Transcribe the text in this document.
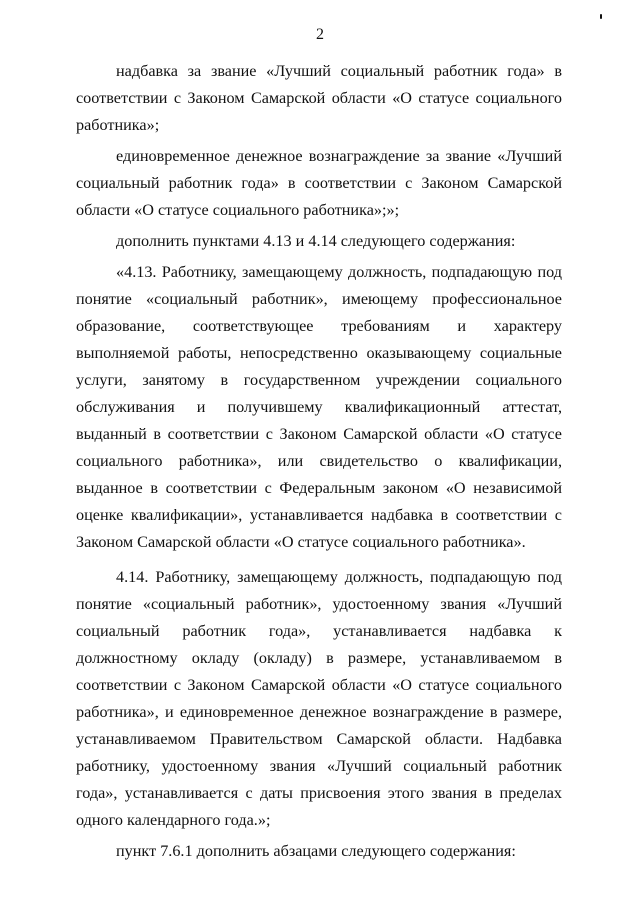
2

надбавка за звание «Лучший социальный работник года» в соответствии с Законом Самарской области «О статусе социального работника»;

единовременное денежное вознаграждение за звание «Лучший социальный работник года» в соответствии с Законом Самарской области «О статусе социального работника»;»;

дополнить пунктами 4.13 и 4.14 следующего содержания:

«4.13. Работнику, замещающему должность, подпадающую под понятие «социальный работник», имеющему профессиональное образование, соответствующее требованиям и характеру выполняемой работы, непосредственно оказывающему социальные услуги, занятому в государственном учреждении социального обслуживания и получившему квалификационный аттестат, выданный в соответствии с Законом Самарской области «О статусе социального работника», или свидетельство о квалификации, выданное в соответствии с Федеральным законом «О независимой оценке квалификации», устанавливается надбавка в соответствии с Законом Самарской области «О статусе социального работника».

4.14. Работнику, замещающему должность, подпадающую под понятие «социальный работник», удостоенному звания «Лучший социальный работник года», устанавливается надбавка к должностному окладу (окладу) в размере, устанавливаемом в соответствии с Законом Самарской области «О статусе социального работника», и единовременное денежное вознаграждение в размере, устанавливаемом Правительством Самарской области. Надбавка работнику, удостоенному звания «Лучший социальный работник года», устанавливается с даты присвоения этого звания в пределах одного календарного года.»;

пункт 7.6.1 дополнить абзацами следующего содержания:
